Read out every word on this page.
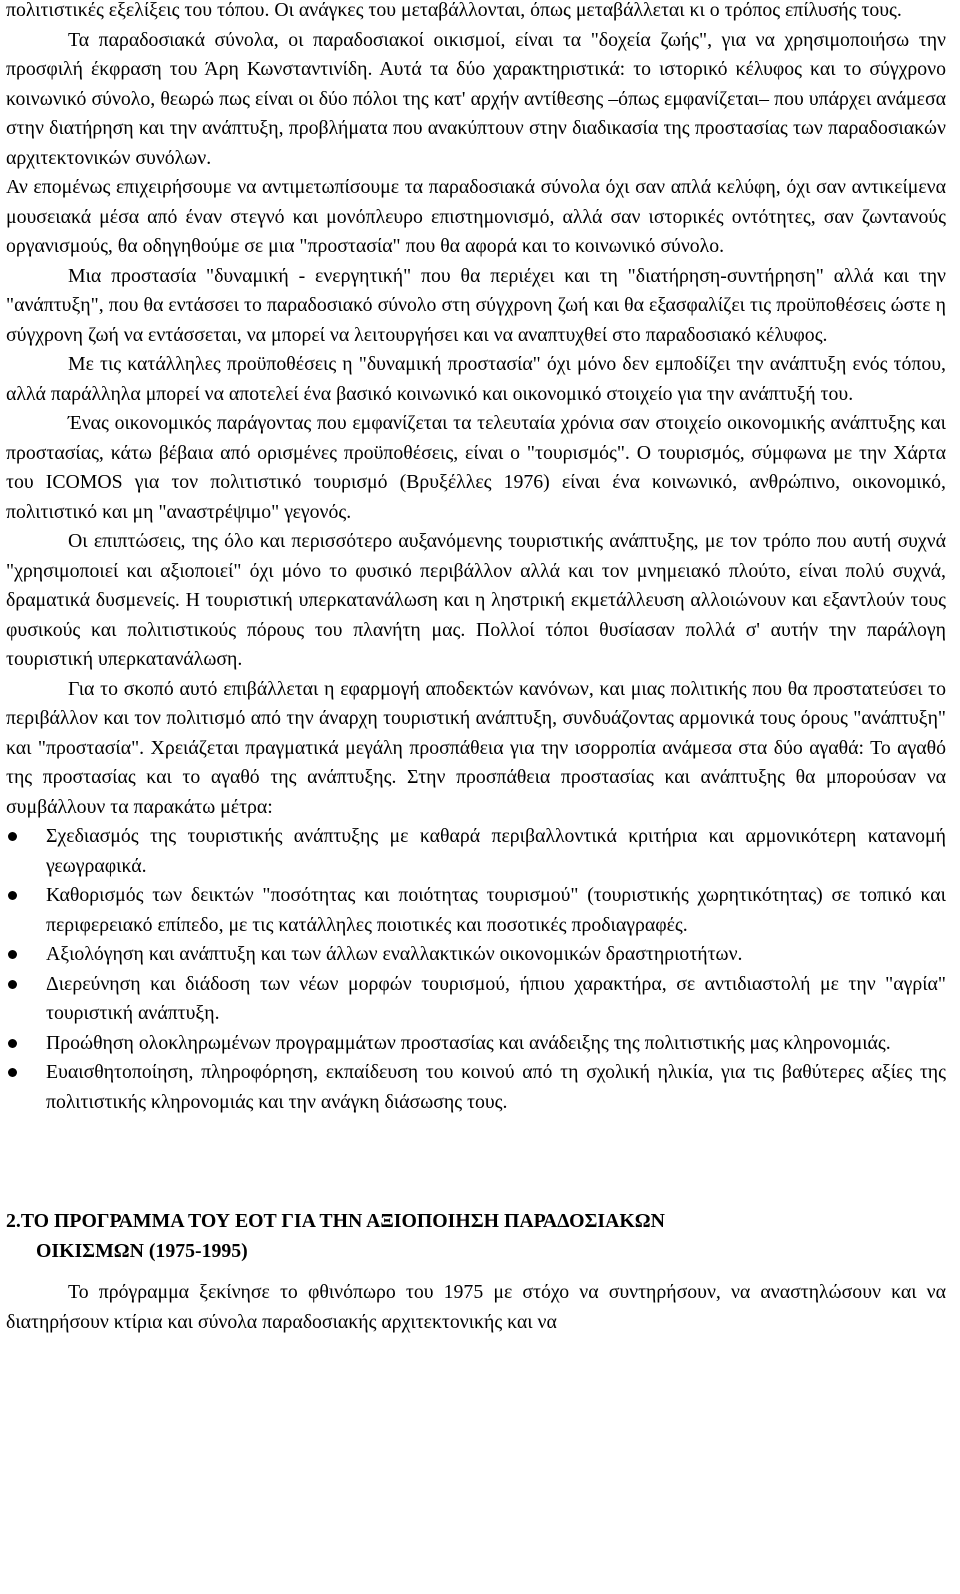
πολιτιστικές εξελίξεις του τόπου. Οι ανάγκες του μεταβάλλονται, όπως μεταβάλλεται κι ο τρόπος επίλυσής τους.

Τα παραδοσιακά σύνολα, οι παραδοσιακοί οικισμοί, είναι τα "δοχεία ζωής", για να χρησιμοποιήσω την προσφιλή έκφραση του Άρη Κωνσταντινίδη. Αυτά τα δύο χαρακτηριστικά: το ιστορικό κέλυφος και το σύγχρονο κοινωνικό σύνολο, θεωρώ πως είναι οι δύο πόλοι της κατ' αρχήν αντίθεσης –όπως εμφανίζεται– που υπάρχει ανάμεσα στην διατήρηση και την ανάπτυξη, προβλήματα που ανακύπτουν στην διαδικασία της προστασίας των παραδοσιακών αρχιτεκτονικών συνόλων.

Αν επομένως επιχειρήσουμε να αντιμετωπίσουμε τα παραδοσιακά σύνολα όχι σαν απλά κελύφη, όχι σαν αντικείμενα μουσειακά μέσα από έναν στεγνό και μονόπλευρο επιστημονισμό, αλλά σαν ιστορικές οντότητες, σαν ζωντανούς οργανισμούς, θα οδηγηθούμε σε μια "προστασία" που θα αφορά και το κοινωνικό σύνολο.

Μια προστασία "δυναμική - ενεργητική" που θα περιέχει και τη "διατήρηση-συντήρηση" αλλά και την "ανάπτυξη", που θα εντάσσει το παραδοσιακό σύνολο στη σύγχρονη ζωή και θα εξασφαλίζει τις προϋποθέσεις ώστε η σύγχρονη ζωή να εντάσσεται, να μπορεί να λειτουργήσει και να αναπτυχθεί στο παραδοσιακό κέλυφος.

Με τις κατάλληλες προϋποθέσεις η "δυναμική προστασία" όχι μόνο δεν εμποδίζει την ανάπτυξη ενός τόπου, αλλά παράλληλα μπορεί να αποτελεί ένα βασικό κοινωνικό και οικονομικό στοιχείο για την ανάπτυξή του.

Ένας οικονομικός παράγοντας που εμφανίζεται τα τελευταία χρόνια σαν στοιχείο οικονομικής ανάπτυξης και προστασίας, κάτω βέβαια από ορισμένες προϋποθέσεις, είναι ο "τουρισμός". Ο τουρισμός, σύμφωνα με την Χάρτα του ICOMOS για τον πολιτιστικό τουρισμό (Βρυξέλλες 1976) είναι ένα κοινωνικό, ανθρώπινο, οικονομικό, πολιτιστικό και μη "αναστρέψιμο" γεγονός.

Οι επιπτώσεις, της όλο και περισσότερο αυξανόμενης τουριστικής ανάπτυξης, με τον τρόπο που αυτή συχνά "χρησιμοποιεί και αξιοποιεί" όχι μόνο το φυσικό περιβάλλον αλλά και τον μνημειακό πλούτο, είναι πολύ συχνά, δραματικά δυσμενείς. Η τουριστική υπερκατανάλωση και η ληστρική εκμετάλλευση αλλοιώνουν και εξαντλούν τους φυσικούς και πολιτιστικούς πόρους του πλανήτη μας. Πολλοί τόποι θυσίασαν πολλά σ' αυτήν την παράλογη τουριστική υπερκατανάλωση.

Για το σκοπό αυτό επιβάλλεται η εφαρμογή αποδεκτών κανόνων, και μιας πολιτικής που θα προστατεύσει το περιβάλλον και τον πολιτισμό από την άναρχη τουριστική ανάπτυξη, συνδυάζοντας αρμονικά τους όρους "ανάπτυξη" και "προστασία". Χρειάζεται πραγματικά μεγάλη προσπάθεια για την ισορροπία ανάμεσα στα δύο αγαθά: Το αγαθό της προστασίας και το αγαθό της ανάπτυξης. Στην προσπάθεια προστασίας και ανάπτυξης θα μπορούσαν να συμβάλλουν τα παρακάτω μέτρα:

Σχεδιασμός της τουριστικής ανάπτυξης με καθαρά περιβαλλοντικά κριτήρια και αρμονικότερη κατανομή γεωγραφικά.
Καθορισμός των δεικτών "ποσότητας και ποιότητας τουρισμού" (τουριστικής χωρητικότητας) σε τοπικό και περιφερειακό επίπεδο, με τις κατάλληλες ποιοτικές και ποσοτικές προδιαγραφές.
Αξιολόγηση και ανάπτυξη και των άλλων εναλλακτικών οικονομικών δραστηριοτήτων.
Διερεύνηση και διάδοση των νέων μορφών τουρισμού, ήπιου χαρακτήρα, σε αντιδιαστολή με την "αγρία" τουριστική ανάπτυξη.
Προώθηση ολοκληρωμένων προγραμμάτων προστασίας και ανάδειξης της πολιτιστικής μας κληρονομιάς.
Ευαισθητοποίηση, πληροφόρηση, εκπαίδευση του κοινού από τη σχολική ηλικία, για τις βαθύτερες αξίες της πολιτιστικής κληρονομιάς και την ανάγκη διάσωσης τους.
2.ΤΟ ΠΡΟΓΡΑΜΜΑ ΤΟΥ ΕΟΤ ΓΙΑ ΤΗΝ ΑΞΙΟΠΟΙΗΣΗ ΠΑΡΑΔΟΣΙΑΚΩΝ
ΟΙΚΙΣΜΩΝ (1975-1995)

Το πρόγραμμα ξεκίνησε το φθινόπωρο του 1975 με στόχο να συντηρήσουν, να αναστηλώσουν και να διατηρήσουν κτίρια και σύνολα παραδοσιακής αρχιτεκτονικής και να
